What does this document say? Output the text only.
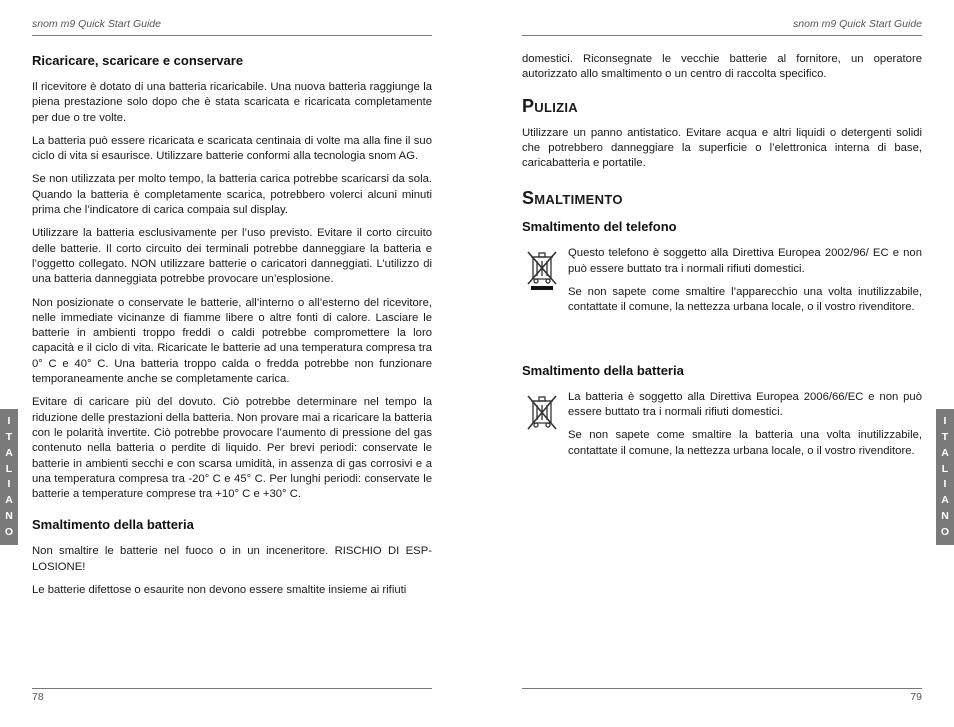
I
T
A
L
I
A
N
O
I
T
A
L
I
A
N
O
snom m9 Quick Start Guide
Ricaricare, scaricare e conservare

Il ricevitore è dotato di una batteria ricaricabile. Una nuova batteria raggiunge la piena prestazione solo dopo che è stata scaricata e ricaricata completamente per due o tre volte.

La batteria può essere ricaricata e scaricata centinaia di volte ma alla fine il suo ciclo di vita si esaurisce. Utilizzare batterie conformi alla tecnologia snom AG.

Se non utilizzata per molto tempo, la batteria carica potrebbe scaricarsi da sola. Quando la batteria è completamente scarica, potrebbero volerci alcuni minuti prima che l’indicatore di carica compaia sul display.

Utilizzare la batteria esclusivamente per l’uso previsto. Evitare il corto circuito delle batterie. Il corto circuito dei terminali potrebbe danneggiare la batteria e l’oggetto collegato. NON utilizzare batterie o caricatori danneggiati. L’utilizzo di una batteria danneggiata potrebbe provocare un’esplosione.

Non posizionate o conservate le batterie, all’interno o all’esterno del ricevitore, nelle immediate vicinanze di fiamme libere o altre fonti di calore. Lasciare le batterie in ambienti troppo freddi o caldi potrebbe compromettere la loro capacità e il ciclo di vita. Ricaricate le batterie ad una temperatura compresa tra 0° C e 40° C. Una batteria troppo calda o fredda potrebbe non funzionare temporaneamente anche se completamente carica.

Evitare di caricare più del dovuto. Ciò potrebbe determinare nel tempo la riduzione delle prestazioni della batteria. Non provare mai a ricaricare la batteria con le polarità invertite. Ciò potrebbe provocare l’aumento di pressione del gas contenuto nella batteria o perdite di liquido. Per brevi periodi: conservate le batterie in ambienti secchi e con scarsa umidità, in assenza di gas corrosivi e a una temperatura compresa tra -20° C e 45° C. Per lunghi periodi: conservate le batterie a temperature comprese tra +10° C e +30° C.

Smaltimento della batteria

Non smaltire le batterie nel fuoco o in un inceneritore. RISCHIO DI ESP-LOSIONE!

Le batterie difettose o esaurite non devono essere smaltite insieme ai rifiuti

78
snom m9 Quick Start Guide

domestici. Riconsegnate le vecchie batterie al fornitore, un operatore autorizzato allo smaltimento o un centro di raccolta specifico.

Pulizia

Utilizzare un panno antistatico. Evitare acqua e altri liquidi o detergenti solidi che potrebbero danneggiare la superficie o l’elettronica interna di base, caricabatteria e portatile.

Smaltimento
Smaltimento del telefono

Questo telefono è soggetto alla Direttiva Europea 2002/96/ EC e non può essere buttato tra i normali rifiuti domestici.

Se non sapete come smaltire l’apparecchio una volta inutilizzabile, contattate il comune, la nettezza urbana locale, o il vostro rivenditore.

Smaltimento della batteria

La batteria è soggetto alla Direttiva Europea 2006/66/EC e non può essere buttato tra i normali rifiuti domestici.

Se non sapete come smaltire la batteria una volta inutilizzabile, contattate il comune, la nettezza urbana locale, o il vostro rivenditore.

79
